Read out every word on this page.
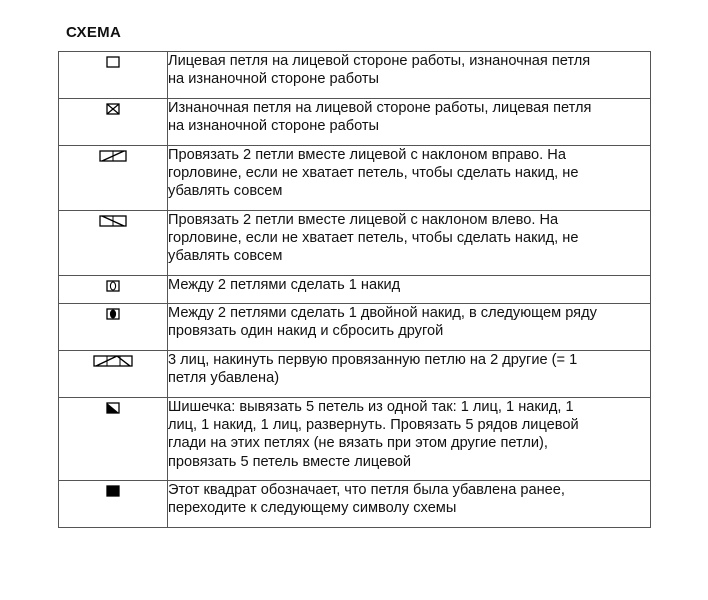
СХЕМА
	Лицевая петля на лицевой стороне работы, изнаночная петля
на изнаночной стороне работы

	Изнаночная петля на лицевой стороне работы, лицевая петля
на изнаночной стороне работы

	Провязать 2 петли вместе лицевой с наклоном вправо. На
горловине, если не хватает петель, чтобы сделать накид, не
убавлять совсем

	Провязать 2 петли вместе лицевой с наклоном влево. На
горловине, если не хватает петель, чтобы сделать накид, не
убавлять совсем

	Между 2 петлями сделать 1 накид

	Между 2 петлями сделать 1 двойной накид, в следующем ряду
провязать один накид и сбросить другой

	3 лиц, накинуть первую провязанную петлю на 2 другие (= 1
петля убавлена)

	Шишечка: вывязать 5 петель из одной так: 1 лиц, 1 накид, 1
лиц, 1 накид, 1 лиц, развернуть. Провязать 5 рядов лицевой
глади на этих петлях (не вязать при этом другие петли),
провязать 5 петель вместе лицевой

	Этот квадрат обозначает, что петля была убавлена ранее,
переходите к следующему символу схемы
